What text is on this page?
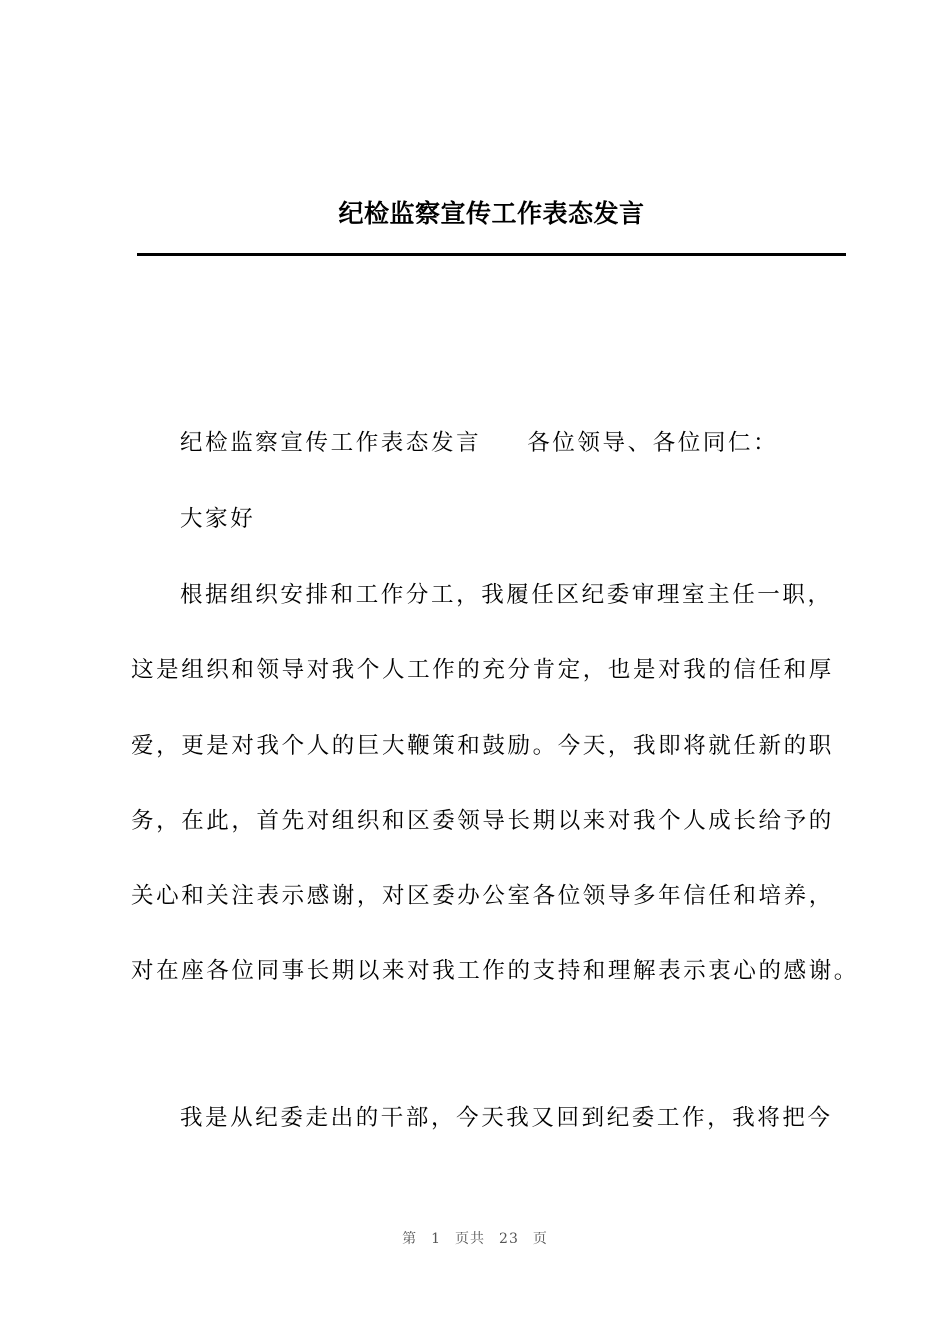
纪检监察宣传工作表态发言
纪检监察宣传工作表态发言 各位领导、各位同仁：
大家好
根据组织安排和工作分工，我履任区纪委审理室主任一职，
这是组织和领导对我个人工作的充分肯定，也是对我的信任和厚
爱，更是对我个人的巨大鞭策和鼓励。今天，我即将就任新的职
务，在此，首先对组织和区委领导长期以来对我个人成长给予的
关心和关注表示感谢，对区委办公室各位领导多年信任和培养，
对在座各位同事长期以来对我工作的支持和理解表示衷心的感谢。
我是从纪委走出的干部，今天我又回到纪委工作，我将把今
第 1 页共 23 页
